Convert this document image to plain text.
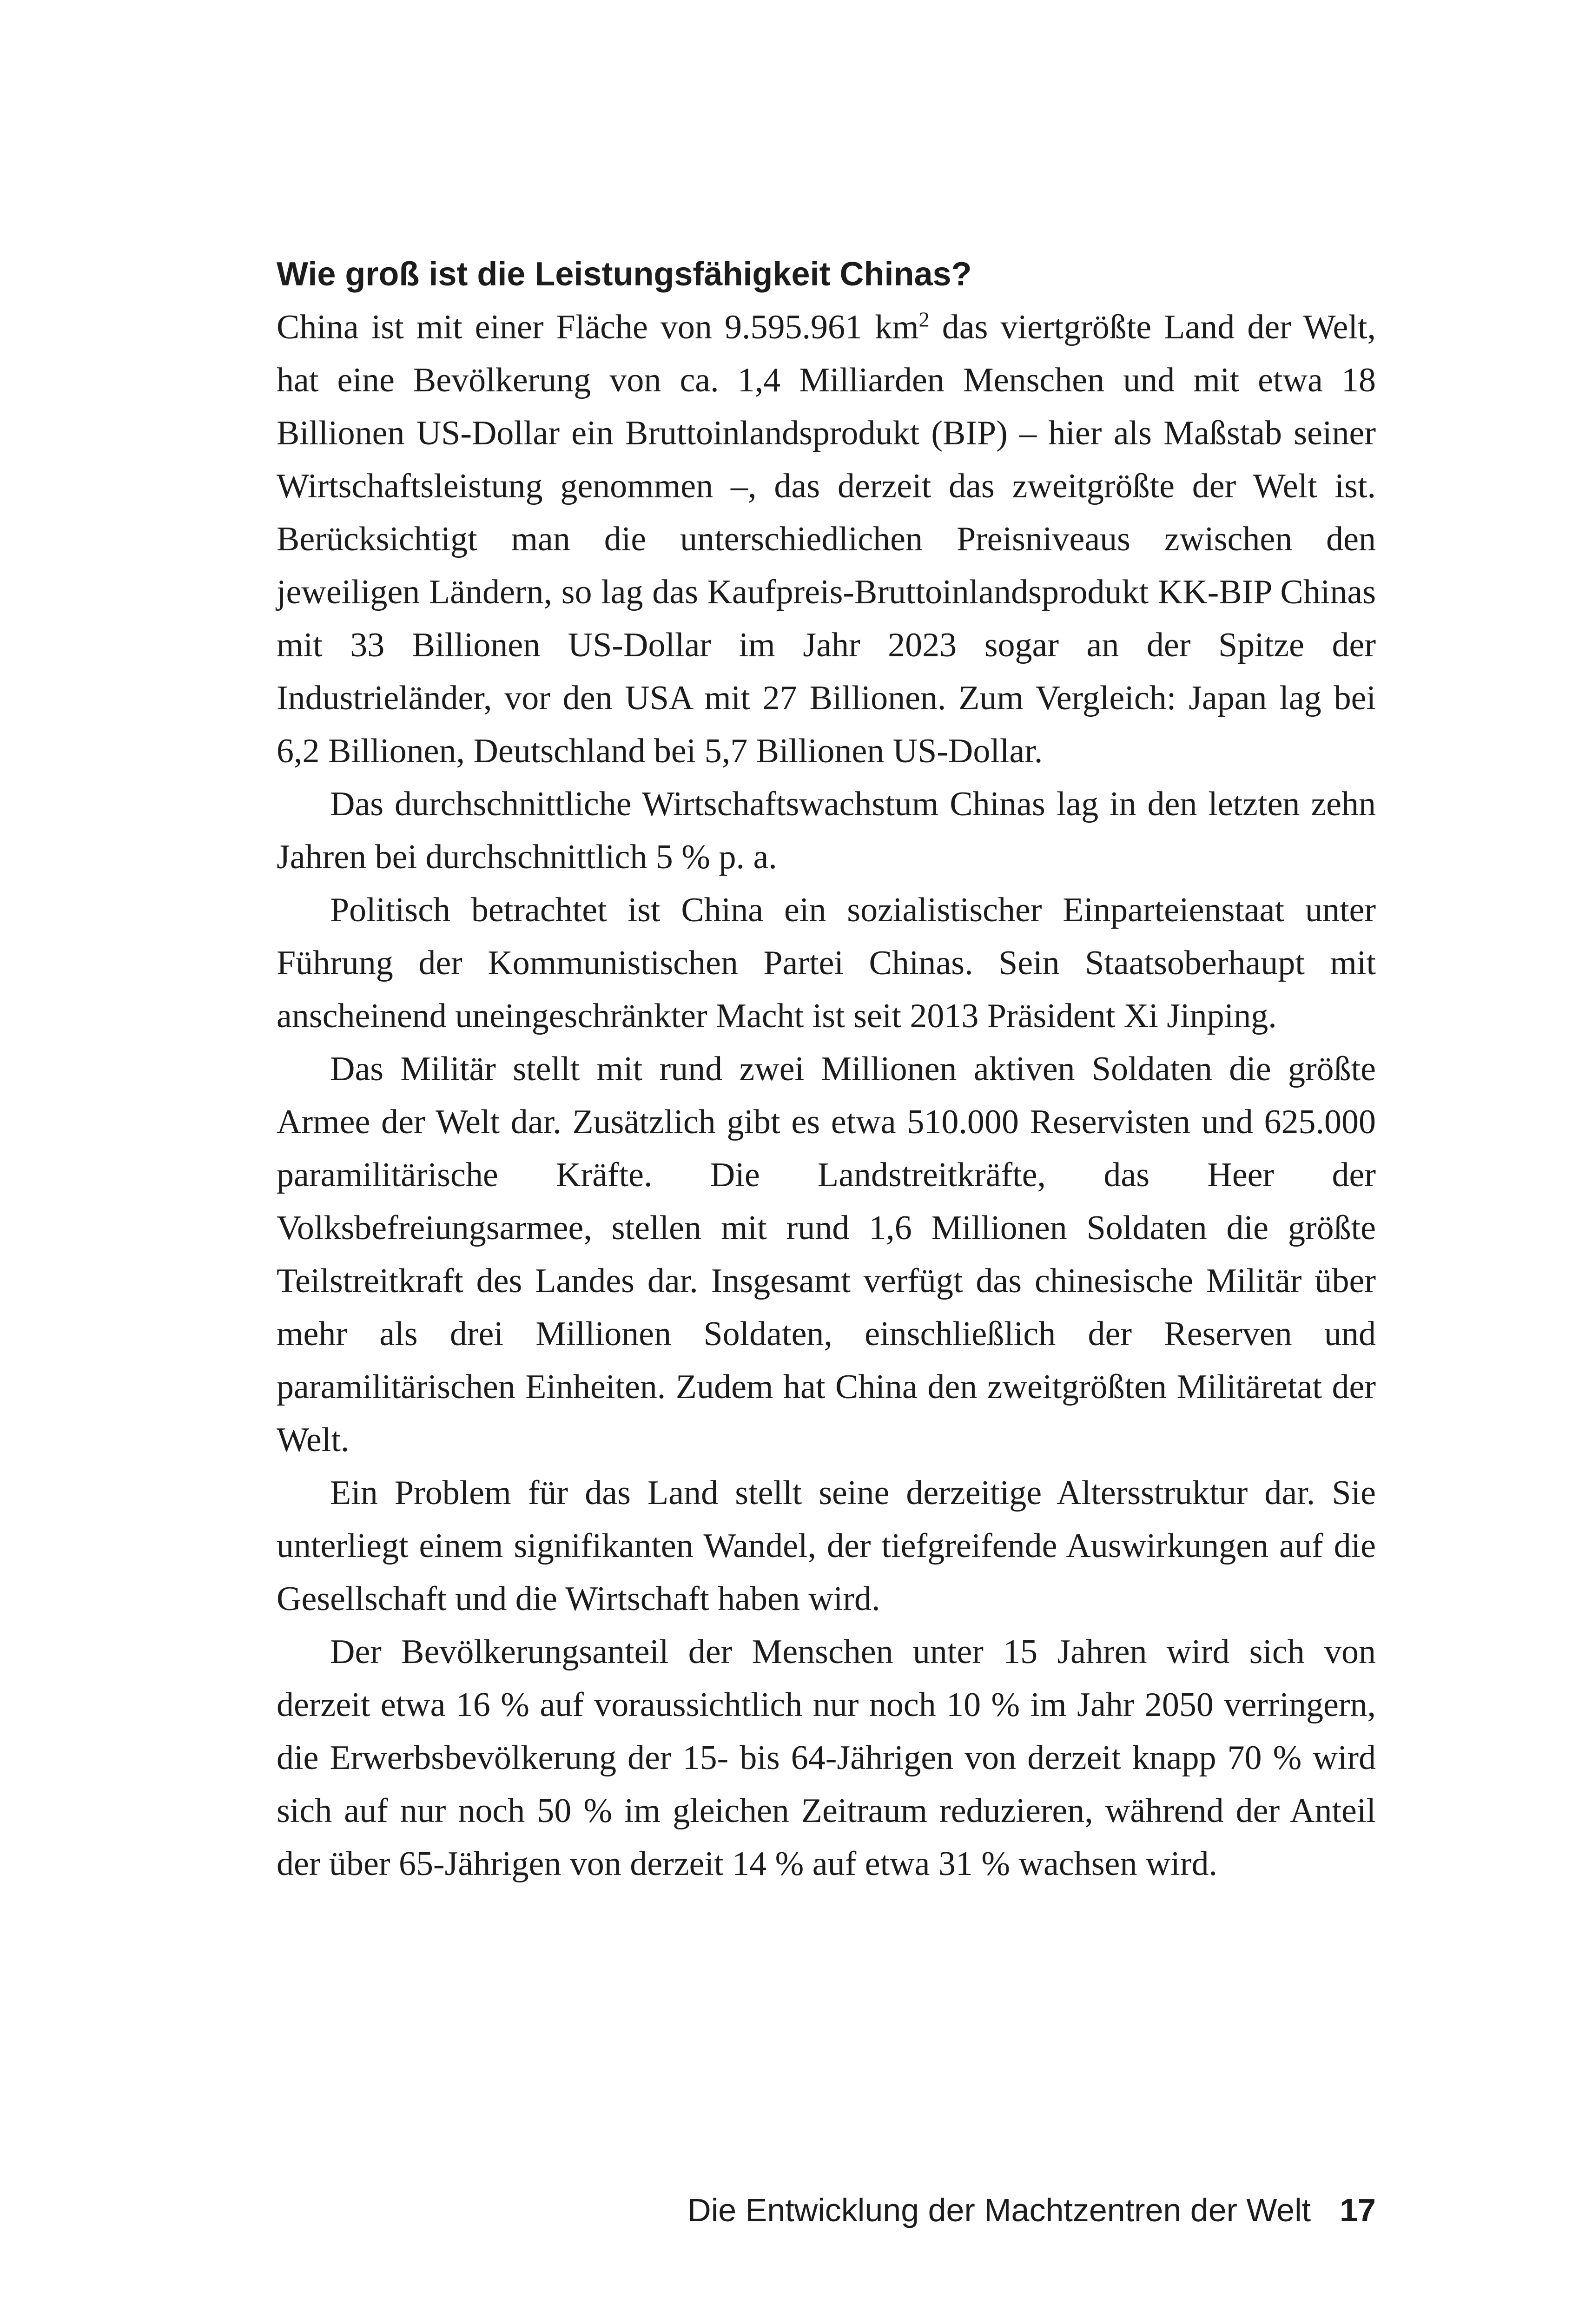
Wie groß ist die Leistungsfähigkeit Chinas?

China ist mit einer Fläche von 9.595.961 $km^2$ das viertgrößte Land der Welt, hat eine Bevölkerung von ca. 1,4 Milliarden Menschen und mit etwa 18 Billionen US-Dollar ein Bruttoinlandsprodukt (BIP) – hier als Maßstab seiner Wirtschaftsleistung genommen –, das derzeit das zweitgrößte der Welt ist. Berücksichtigt man die unterschiedlichen Preisniveaus zwischen den jeweiligen Ländern, so lag das Kaufpreis-Bruttoinlandsprodukt KK-BIP Chinas mit 33 Billionen US-Dollar im Jahr 2023 sogar an der Spitze der Industrieländer, vor den USA mit 27 Billionen. Zum Vergleich: Japan lag bei 6,2 Billionen, Deutschland bei 5,7 Billionen US-Dollar.

Das durchschnittliche Wirtschaftswachstum Chinas lag in den letzten zehn Jahren bei durchschnittlich 5 % p. a.

Politisch betrachtet ist China ein sozialistischer Einparteienstaat unter Führung der Kommunistischen Partei Chinas. Sein Staatsoberhaupt mit anscheinend uneingeschränkter Macht ist seit 2013 Präsident Xi Jinping.

Das Militär stellt mit rund zwei Millionen aktiven Soldaten die größte Armee der Welt dar. Zusätzlich gibt es etwa 510.000 Reservisten und 625.000 paramilitärische Kräfte. Die Landstreitkräfte, das Heer der Volksbefreiungsarmee, stellen mit rund 1,6 Millionen Soldaten die größte Teilstreitkraft des Landes dar. Insgesamt verfügt das chinesische Militär über mehr als drei Millionen Soldaten, einschließlich der Reserven und paramilitärischen Einheiten. Zudem hat China den zweitgrößten Militäretat der Welt.

Ein Problem für das Land stellt seine derzeitige Altersstruktur dar. Sie unterliegt einem signifikanten Wandel, der tiefgreifende Auswirkungen auf die Gesellschaft und die Wirtschaft haben wird.

Der Bevölkerungsanteil der Menschen unter 15 Jahren wird sich von derzeit etwa 16 % auf voraussichtlich nur noch 10 % im Jahr 2050 verringern, die Erwerbsbevölkerung der 15- bis 64-Jährigen von derzeit knapp 70 % wird sich auf nur noch 50 % im gleichen Zeitraum reduzieren, während der Anteil der über 65-Jährigen von derzeit 14 % auf etwa 31 % wachsen wird.

Die Entwicklung der Machtzentren der Welt 17
